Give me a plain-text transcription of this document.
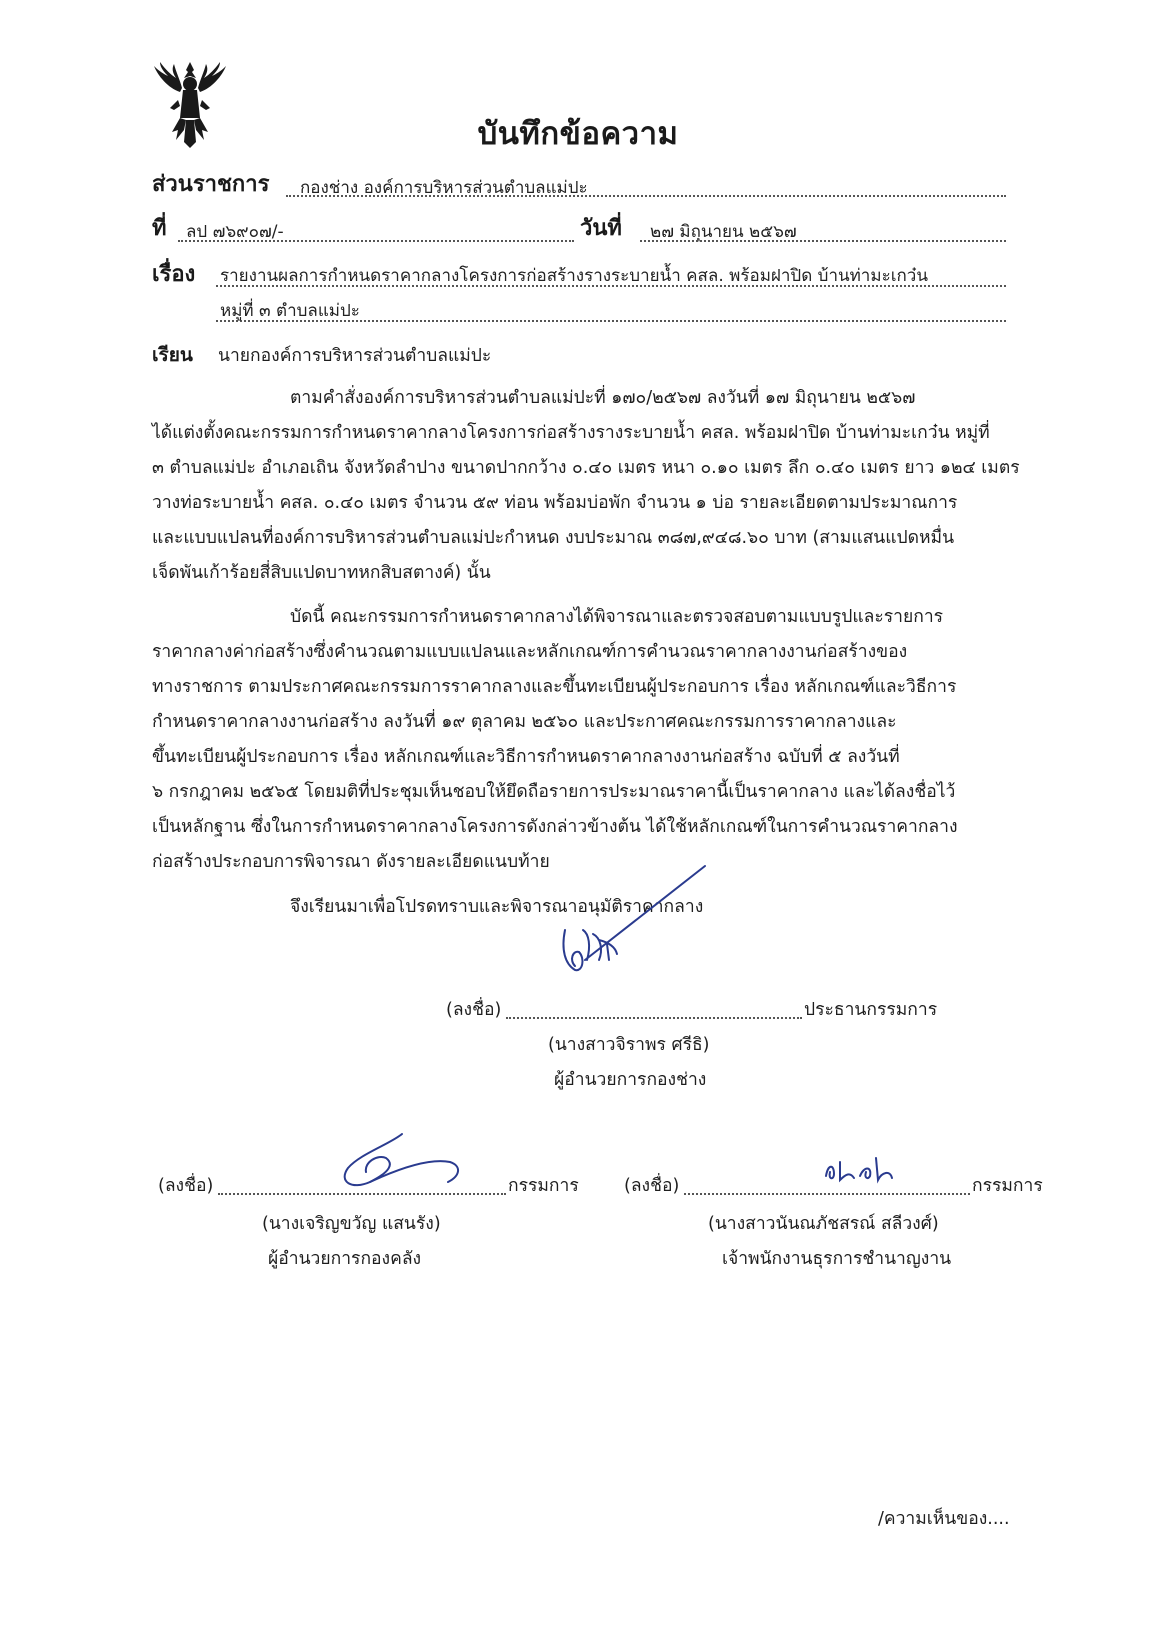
บันทึกข้อความ
ส่วนราชการ กองช่าง องค์การบริหารส่วนตำบลแม่ปะ
ที่ ลป ๗๖๙๐๗/-	วันที่ ๒๗ มิถุนายน ๒๕๖๗
เรื่อง รายงานผลการกำหนดราคากลางโครงการก่อสร้างรางระบายน้ำ คสล. พร้อมฝาปิด บ้านท่ามะเกว๋น
หมู่ที่ ๓ ตำบลแม่ปะ
เรียน นายกองค์การบริหารส่วนตำบลแม่ปะ
ตามคำสั่งองค์การบริหารส่วนตำบลแม่ปะที่ ๑๗๐/๒๕๖๗ ลงวันที่ ๑๗ มิถุนายน ๒๕๖๗
ได้แต่งตั้งคณะกรรมการกำหนดราคากลางโครงการก่อสร้างรางระบายน้ำ คสล. พร้อมฝาปิด บ้านท่ามะเกว๋น หมู่ที่
๓ ตำบลแม่ปะ อำเภอเถิน จังหวัดลำปาง ขนาดปากกว้าง ๐.๔๐ เมตร หนา ๐.๑๐ เมตร ลึก ๐.๔๐ เมตร ยาว ๑๒๔ เมตร
วางท่อระบายน้ำ คสล. ๐.๔๐ เมตร จำนวน ๕๙ ท่อน พร้อมบ่อพัก จำนวน ๑ บ่อ รายละเอียดตามประมาณการ
และแบบแปลนที่องค์การบริหารส่วนตำบลแม่ปะกำหนด งบประมาณ ๓๘๗,๙๔๘.๖๐ บาท (สามแสนแปดหมื่น
เจ็ดพันเก้าร้อยสี่สิบแปดบาทหกสิบสตางค์) นั้น
บัดนี้ คณะกรรมการกำหนดราคากลางได้พิจารณาและตรวจสอบตามแบบรูปและรายการ
ราคากลางค่าก่อสร้างซึ่งคำนวณตามแบบแปลนและหลักเกณฑ์การคำนวณราคากลางงานก่อสร้างของ
ทางราชการ ตามประกาศคณะกรรมการราคากลางและขึ้นทะเบียนผู้ประกอบการ เรื่อง หลักเกณฑ์และวิธีการ
กำหนดราคากลางงานก่อสร้าง ลงวันที่ ๑๙ ตุลาคม ๒๕๖๐ และประกาศคณะกรรมการราคากลางและ
ขึ้นทะเบียนผู้ประกอบการ เรื่อง หลักเกณฑ์และวิธีการกำหนดราคากลางงานก่อสร้าง ฉบับที่ ๕ ลงวันที่
๖ กรกฎาคม ๒๕๖๕ โดยมติที่ประชุมเห็นชอบให้ยึดถือรายการประมาณราคานี้เป็นราคากลาง และได้ลงชื่อไว้
เป็นหลักฐาน ซึ่งในการกำหนดราคากลางโครงการดังกล่าวข้างต้น ได้ใช้หลักเกณฑ์ในการคำนวณราคากลาง
ก่อสร้างประกอบการพิจารณา ดังรายละเอียดแนบท้าย
จึงเรียนมาเพื่อโปรดทราบและพิจารณาอนุมัติราคากลาง
(ลงชื่อ)	ประธานกรรมการ
(นางสาวจิราพร ศรีธิ)
ผู้อำนวยการกองช่าง
(ลงชื่อ)	กรรมการ
(นางเจริญขวัญ แสนรัง)
ผู้อำนวยการกองคลัง
(ลงชื่อ)	กรรมการ
(นางสาวนันณภัชสรณ์ สลีวงศ์)
เจ้าพนักงานธุรการชำนาญงาน
/ความเห็นของ....
